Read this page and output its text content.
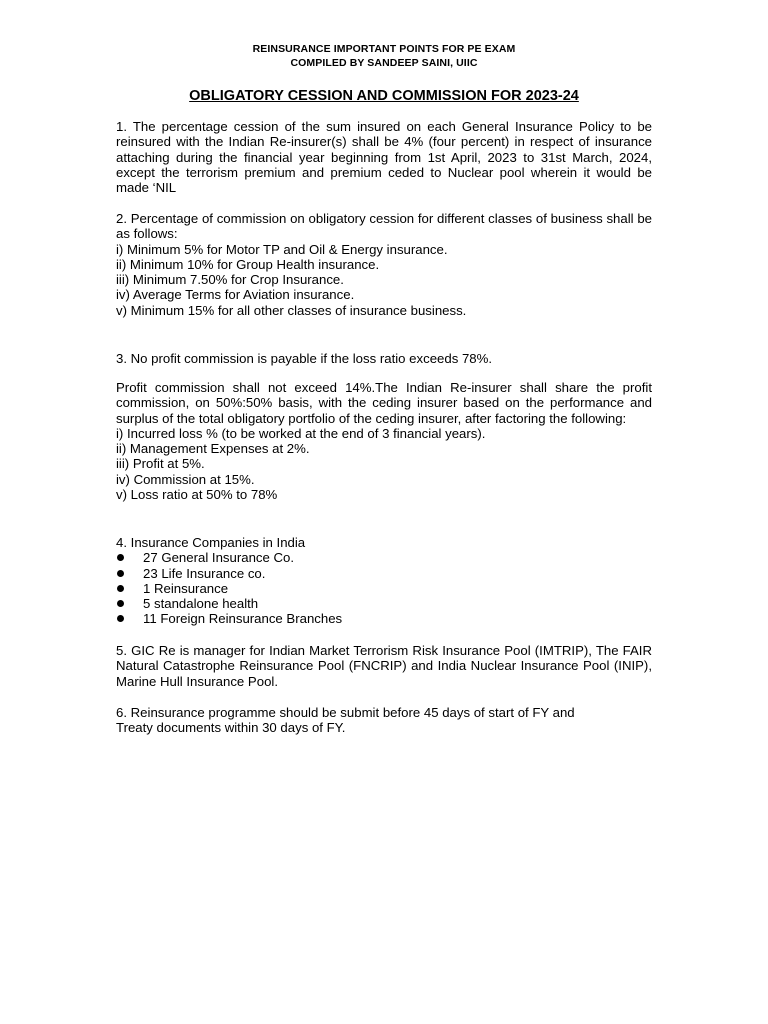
REINSURANCE IMPORTANT POINTS FOR PE EXAM
COMPILED BY SANDEEP SAINI, UIIC
OBLIGATORY CESSION AND COMMISSION FOR 2023-24
1. The percentage cession of the sum insured on each General Insurance Policy to be reinsured with the Indian Re-insurer(s) shall be 4% (four percent) in respect of insurance attaching during the financial year beginning from 1st April, 2023 to 31st March, 2024, except the terrorism premium and premium ceded to Nuclear pool wherein it would be made ‘NIL
2. Percentage of commission on obligatory cession for different classes of business shall be as follows:
i) Minimum 5% for Motor TP and Oil & Energy insurance.
ii) Minimum 10% for Group Health insurance.
iii) Minimum 7.50% for Crop Insurance.
iv) Average Terms for Aviation insurance.
v) Minimum 15% for all other classes of insurance business.
3. No profit commission is payable if the loss ratio exceeds 78%.
Profit commission shall not exceed 14%.The Indian Re-insurer shall share the profit commission, on 50%:50% basis, with the ceding insurer based on the performance and surplus of the total obligatory portfolio of the ceding insurer, after factoring the following:
i) Incurred loss % (to be worked at the end of 3 financial years).
ii) Management Expenses at 2%.
iii) Profit at 5%.
iv) Commission at 15%.
v) Loss ratio at 50% to 78%
4. Insurance Companies in India
27 General Insurance Co.
23 Life Insurance co.
1 Reinsurance
5 standalone health
11 Foreign Reinsurance Branches
5. GIC Re is manager for Indian Market Terrorism Risk Insurance Pool (IMTRIP), The FAIR Natural Catastrophe Reinsurance Pool (FNCRIP) and India Nuclear Insurance Pool (INIP), Marine Hull Insurance Pool.
6. Reinsurance programme should be submit before 45 days of start of FY and
Treaty documents within 30 days of FY.
